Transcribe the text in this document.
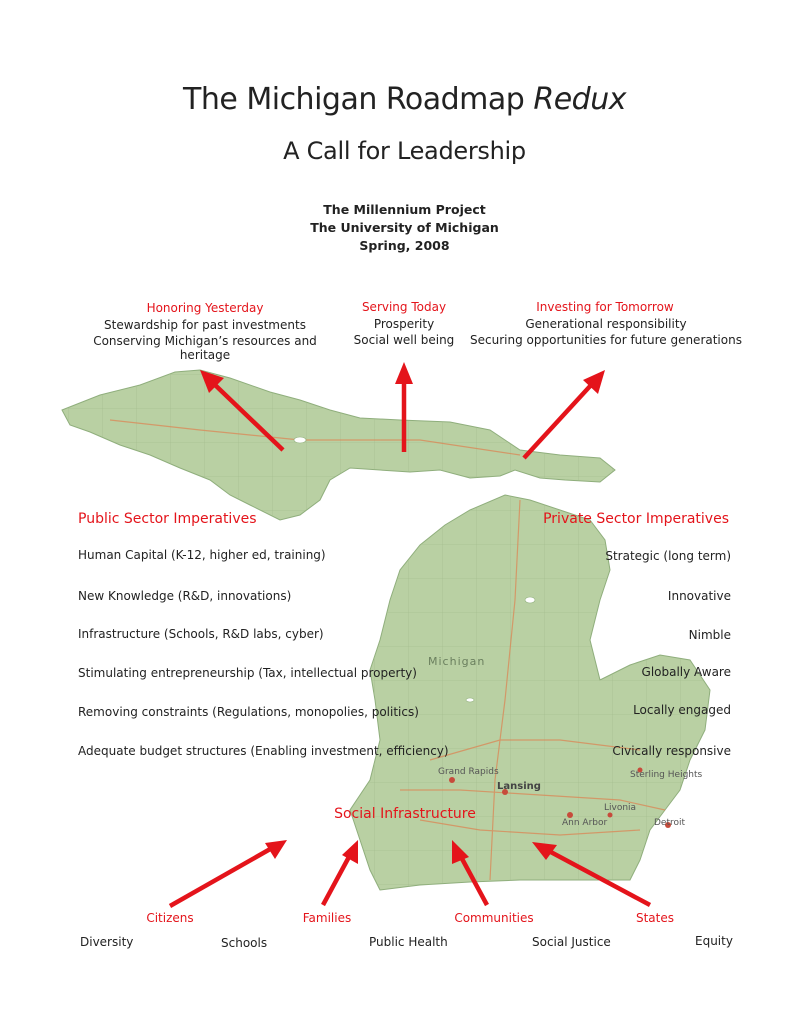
Michigan
Grand Rapids
Lansing
Ann Arbor	Detroit
Livonia
Sterling Heights
The Michigan Roadmap Redux
A Call for Leadership
The Millennium Project
The University of Michigan
Spring, 2008
Honoring Yesterday
Stewardship for past investments
Conserving Michigan’s resources and heritage
Serving Today
Prosperity
Social well being
Investing for Tomorrow
Generational responsibility
Securing opportunities for future generations
Public Sector Imperatives
Human Capital (K-12, higher ed, training)
New Knowledge (R&D, innovations)
Infrastructure (Schools, R&D labs, cyber)
Stimulating entrepreneurship (Tax, intellectual property)
Removing constraints (Regulations, monopolies, politics)
Adequate budget structures (Enabling investment, efficiency)
Private Sector Imperatives
Strategic (long term)
Innovative
Nimble
Globally Aware
Locally engaged
Civically responsive
Social Infrastructure
Citizens	Families	Communities	States
Diversity	Schools	Public Health	Social Justice	Equity
